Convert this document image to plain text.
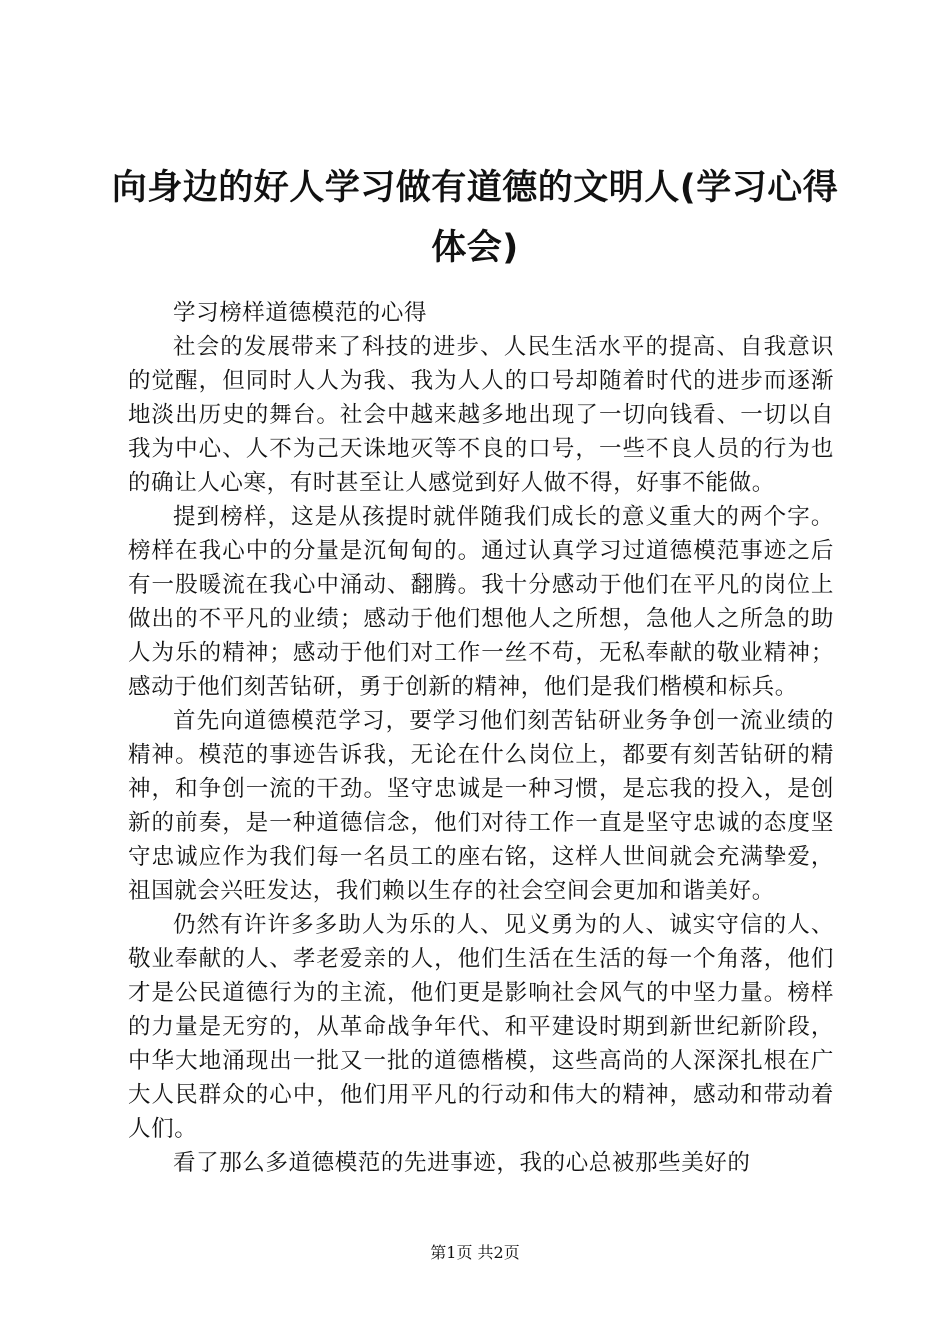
向身边的好人学习做有道德的文明人(学习心得体会)

学习榜样道德模范的心得

社会的发展带来了科技的进步、人民生活水平的提高、自我意识的觉醒，但同时人人为我、我为人人的口号却随着时代的进步而逐渐地淡出历史的舞台。社会中越来越多地出现了一切向钱看、一切以自我为中心、人不为己天诛地灭等不良的口号，一些不良人员的行为也的确让人心寒，有时甚至让人感觉到好人做不得，好事不能做。

提到榜样，这是从孩提时就伴随我们成长的意义重大的两个字。榜样在我心中的分量是沉甸甸的。通过认真学习过道德模范事迹之后有一股暖流在我心中涌动、翻腾。我十分感动于他们在平凡的岗位上做出的不平凡的业绩；感动于他们想他人之所想，急他人之所急的助人为乐的精神；感动于他们对工作一丝不苟，无私奉献的敬业精神；感动于他们刻苦钻研，勇于创新的精神，他们是我们楷模和标兵。

首先向道德模范学习，要学习他们刻苦钻研业务争创一流业绩的精神。模范的事迹告诉我，无论在什么岗位上，都要有刻苦钻研的精神，和争创一流的干劲。坚守忠诚是一种习惯，是忘我的投入，是创新的前奏，是一种道德信念，他们对待工作一直是坚守忠诚的态度坚守忠诚应作为我们每一名员工的座右铭，这样人世间就会充满挚爱，祖国就会兴旺发达，我们赖以生存的社会空间会更加和谐美好。

仍然有许许多多助人为乐的人、见义勇为的人、诚实守信的人、敬业奉献的人、孝老爱亲的人，他们生活在生活的每一个角落，他们才是公民道德行为的主流，他们更是影响社会风气的中坚力量。榜样的力量是无穷的，从革命战争年代、和平建设时期到新世纪新阶段，中华大地涌现出一批又一批的道德楷模，这些高尚的人深深扎根在广大人民群众的心中，他们用平凡的行动和伟大的精神，感动和带动着人们。

看了那么多道德模范的先进事迹，我的心总被那些美好的

第1页 共2页
